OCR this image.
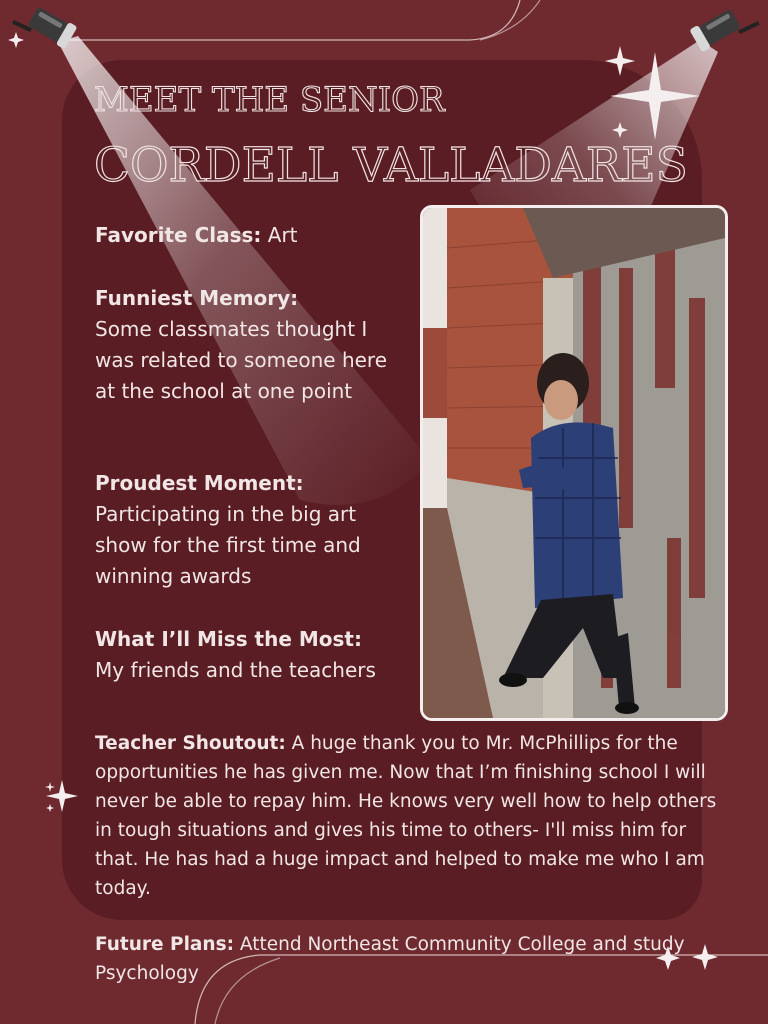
MEET THE SENIOR
CORDELL VALLADARES
Favorite Class: Art
Funniest Memory:
Some classmates thought I was related to someone here at the school at one point
Proudest Moment:
Participating in the big art show for the first time and winning awards
What I’ll Miss the Most:
My friends and the teachers
Teacher Shoutout: A huge thank you to Mr. McPhillips for the opportunities he has given me. Now that I’m finishing school I will never be able to repay him. He knows very well how to help others in tough situations and gives his time to others- I'll miss him for that. He has had a huge impact and helped to make me who I am today.
Future Plans: Attend Northeast Community College and study Psychology
